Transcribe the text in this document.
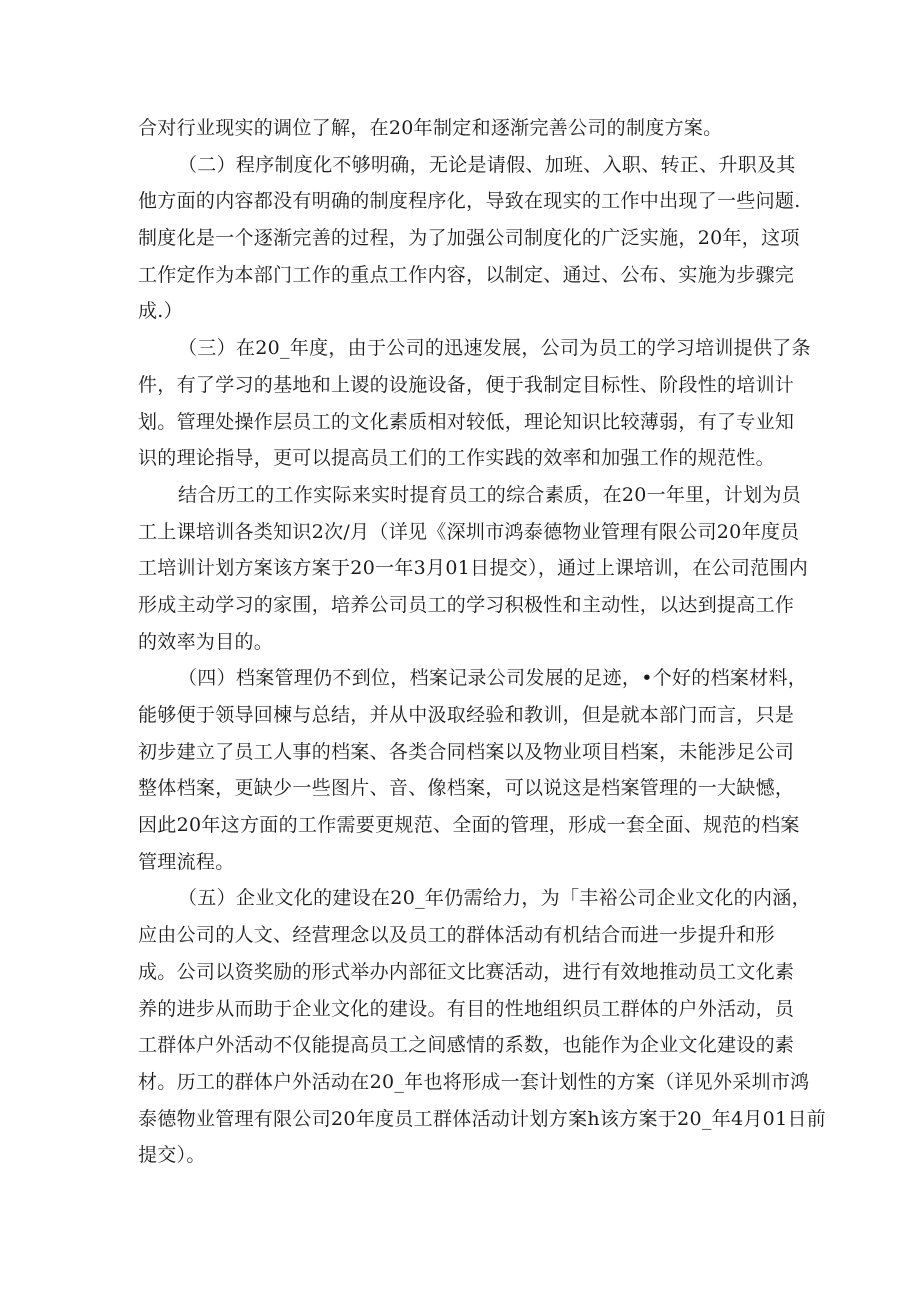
合对行业现实的调位了解，在20年制定和逐渐完善公司的制度方案。
（二）程序制度化不够明确，无论是请假、加班、入职、转正、升职及其
他方面的内容都没有明确的制度程序化，导致在现实的工作中出现了一些问题.
制度化是一个逐渐完善的过程，为了加强公司制度化的广泛实施，20年，这项
工作定作为本部门工作的重点工作内容，以制定、通过、公布、实施为步骤完
成.）
（三）在20_年度，由于公司的迅速发展，公司为员工的学习培训提供了条
件，有了学习的基地和上谡的设施设备，便于我制定目标性、阶段性的培训计
划。管理处操作层员工的文化素质相对较低，理论知识比较薄弱，有了专业知
识的理论指导，更可以提高员工们的工作实践的效率和加强工作的规范性。
结合历工的工作实际来实时提育员工的综合素质，在20一年里，计划为员
工上课培训各类知识2次/月（详见《深圳市鸿泰德物业管理有限公司20年度员
工培训计划方案该方案于20一年3月01日提交），通过上课培训，在公司范围内
形成主动学习的家围，培养公司员工的学习积极性和主动性，以达到提高工作
的效率为目的。
（四）档案管理仍不到位，档案记录公司发展的足迹，•个好的档案材料，
能够便于领导回楝与总结，并从中汲取经验和教训，但是就本部门而言，只是
初步建立了员工人事的档案、各类合同档案以及物业项目档案，未能涉足公司
整体档案，更缺少一些图片、音、像档案，可以说这是档案管理的一大缺憾，
因此20年这方面的工作需要更规范、全面的管理，形成一套全面、规范的档案
管理流程。
（五）企业文化的建设在20_年仍需给力，为「丰裕公司企业文化的内涵，
应由公司的人文、经营理念以及员工的群体活动有机结合而进一步提升和形
成。公司以资奖励的形式举办内部征文比赛活动，进行有效地推动员工文化素
养的进步从而助于企业文化的建设。有目的性地组织员工群体的户外活动，员
工群体户外活动不仅能提高员工之间感情的系数，也能作为企业文化建设的素
材。历工的群体户外活动在20_年也将形成一套计划性的方案（详见外采圳市鸿
泰德物业管理有限公司20年度员工群体活动计划方案h该方案于20_年4月01日前
提交）。
